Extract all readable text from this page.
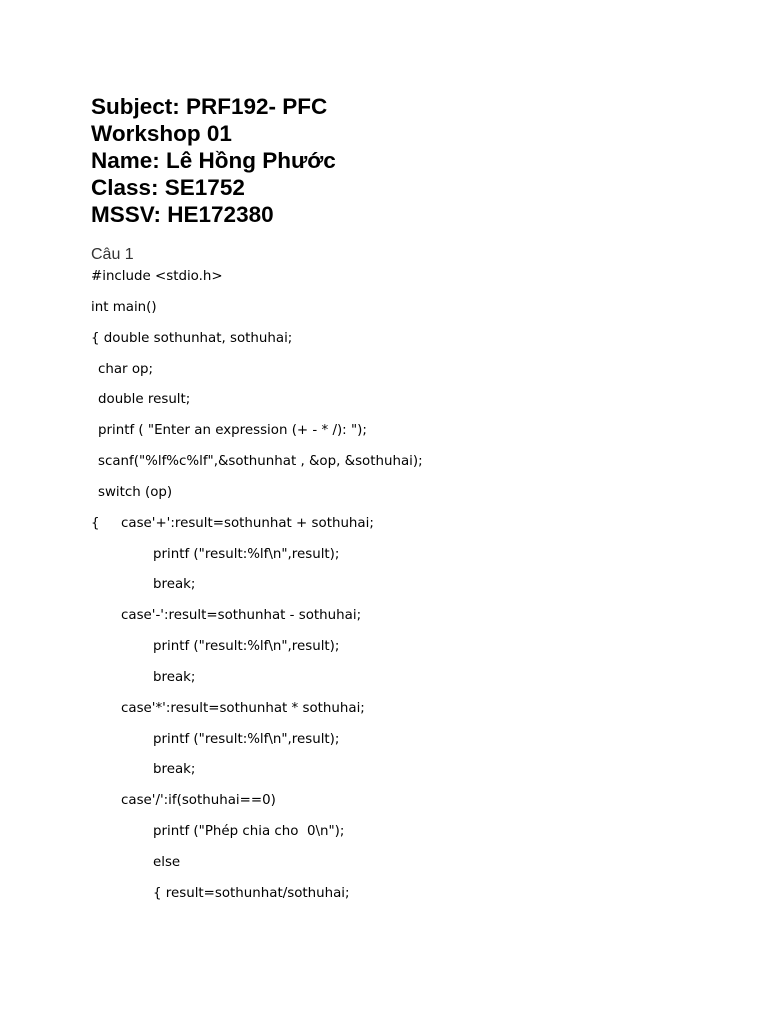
Subject: PRF192- PFC
Workshop 01
Name: Lê Hồng Phước
Class: SE1752
MSSV: HE172380
Câu 1
#include <stdio.h>
int main()
{ double sothunhat, sothuhai;
char op;
double result;
printf ( "Enter an expression (+ - * /): ");
scanf("%lf%c%lf",&sothunhat , &op, &sothuhai);
switch (op)
{ case'+':result=sothunhat + sothuhai;
printf ("result:%lf\n",result);
break;
case'-':result=sothunhat - sothuhai;
printf ("result:%lf\n",result);
break;
case'*':result=sothunhat * sothuhai;
printf ("result:%lf\n",result);
break;
case'/':if(sothuhai==0)
printf ("Phép chia cho  0\n");
else
{ result=sothunhat/sothuhai;
